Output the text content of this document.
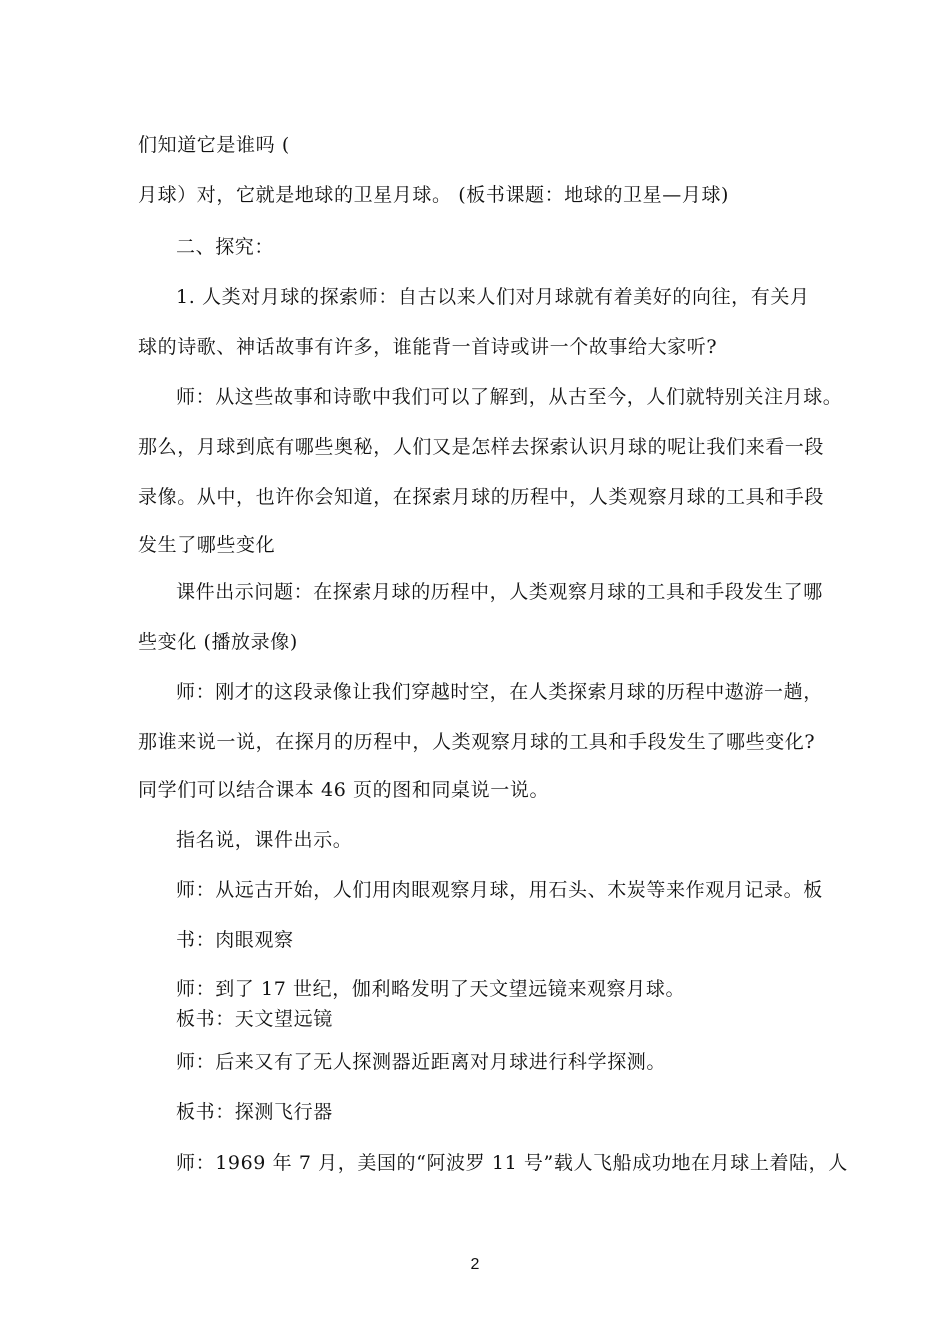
们知道它是谁吗 (
月球）对，它就是地球的卫星月球。 (板书课题：地球的卫星—月球)
二、探究：
1. 人类对月球的探索师：自古以来人们对月球就有着美好的向往，有关月
球的诗歌、神话故事有许多，谁能背一首诗或讲一个故事给大家听?
师：从这些故事和诗歌中我们可以了解到，从古至今，人们就特别关注月球。
那么，月球到底有哪些奥秘，人们又是怎样去探索认识月球的呢让我们来看一段
录像。从中，也许你会知道，在探索月球的历程中，人类观察月球的工具和手段
发生了哪些变化
课件出示问题：在探索月球的历程中，人类观察月球的工具和手段发生了哪
些变化 (播放录像)
师：刚才的这段录像让我们穿越时空，在人类探索月球的历程中遨游一趟，
那谁来说一说，在探月的历程中，人类观察月球的工具和手段发生了哪些变化?
同学们可以结合课本 46 页的图和同桌说一说。
指名说，课件出示。
师：从远古开始，人们用肉眼观察月球，用石头、木炭等来作观月记录。板
书：肉眼观察
师：到了 17 世纪，伽利略发明了天文望远镜来观察月球。
板书：天文望远镜
师：后来又有了无人探测器近距离对月球进行科学探测。
板书：探测飞行器
师：1969 年 7 月，美国的“阿波罗 11 号”载人飞船成功地在月球上着陆，人
2
